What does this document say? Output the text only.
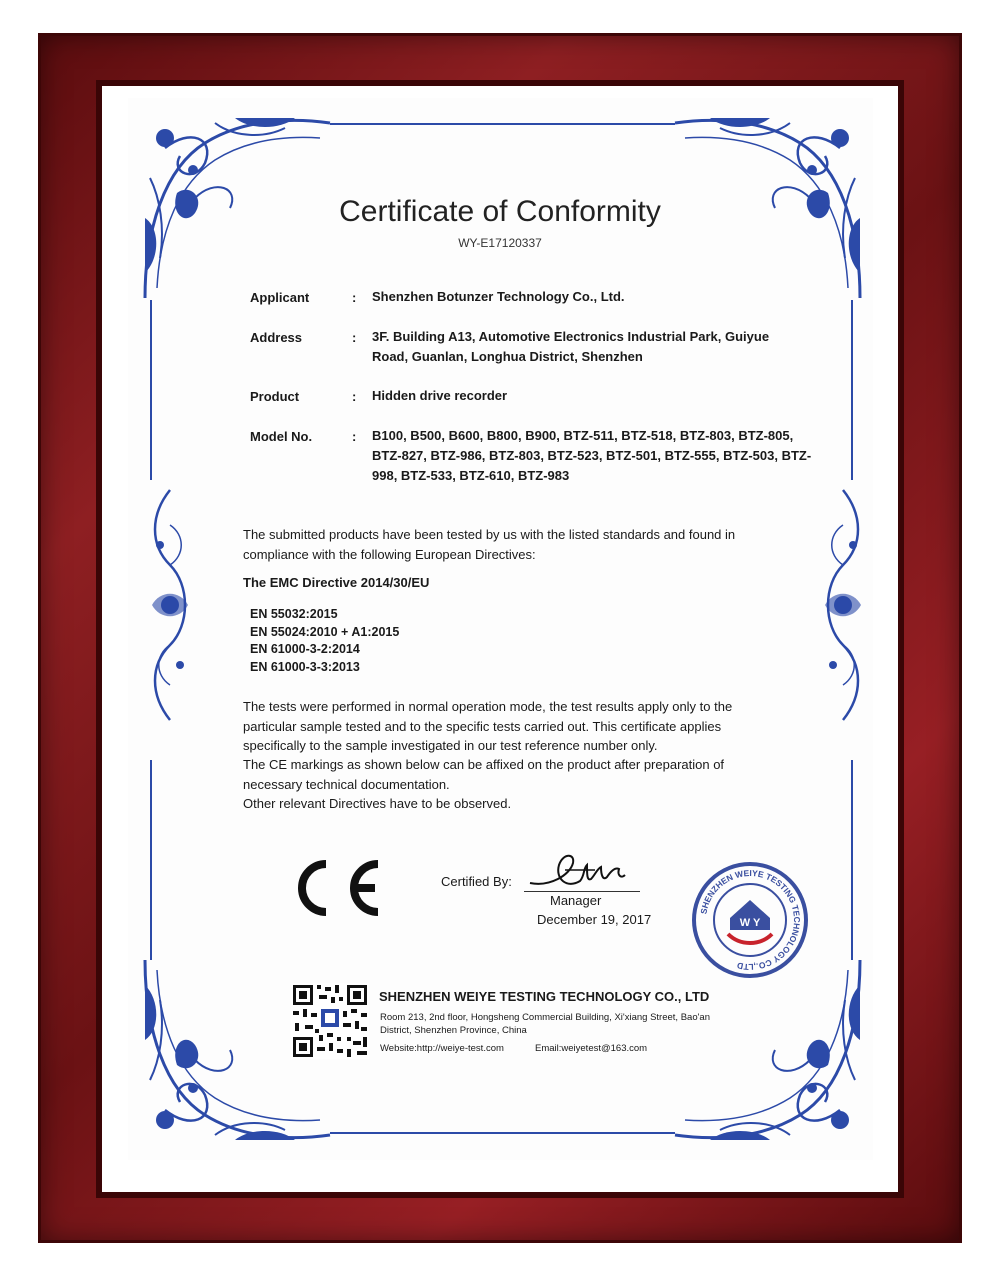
Certificate of Conformity
WY-E17120337
Applicant	: Shenzhen Botunzer Technology Co., Ltd.
Address	: 3F. Building A13, Automotive Electronics Industrial Park, Guiyue Road, Guanlan, Longhua District, Shenzhen
Product	: Hidden drive recorder
Model No.	: B100, B500, B600, B800, B900, BTZ-511, BTZ-518, BTZ-803, BTZ-805, BTZ-827, BTZ-986, BTZ-803, BTZ-523, BTZ-501, BTZ-555, BTZ-503, BTZ-998, BTZ-533, BTZ-610, BTZ-983

The submitted products have been tested by us with the listed standards and found in compliance with the following European Directives:

The EMC Directive 2014/30/EU
EN 55032:2015
EN 55024:2010 + A1:2015
EN 61000-3-2:2014
EN 61000-3-3:2013

The tests were performed in normal operation mode, the test results apply only to the particular sample tested and to the specific tests carried out. This certificate applies specifically to the sample investigated in our test reference number only.

The CE markings as shown below can be affixed on the product after preparation of necessary technical documentation.

Other relevant Directives have to be observed.

Certified By:
Manager
December 19, 2017
SHENZHEN WEIYE TESTING TECHNOLOGY CO.,LTD
W Y
SHENZHEN WEIYE TESTING TECHNOLOGY CO., LTD
Room 213, 2nd floor, Hongsheng Commercial Building, Xi'xiang Street, Bao'an District, Shenzhen Province, China
Website:http://weiye-test.com	Email:weiyetest@163.com
